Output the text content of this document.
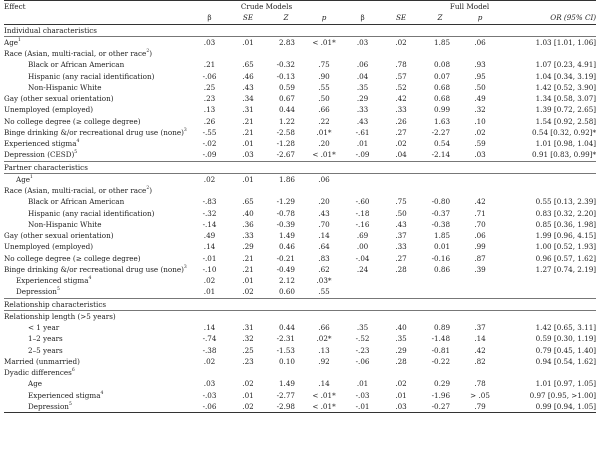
Effect	Crude Models				Full Model				
	β	SE	Z	p	β	SE	Z	p	OR (95% CI)
Individual characteristics									
Age$^1$	.03	.01	2.83	< .01*	.03	.02	1.85	.06	1.03 [1.01, 1.06]
Race (Asian, multi-racial, or other race$^2$)									
Black or African American	.21	.65	-0.32	.75	.06	.78	0.08	.93	1.07 [0.23, 4.91]
Hispanic (any racial identification)	-.06	.46	-0.13	.90	.04	.57	0.07	.95	1.04 [0.34, 3.19]
Non-Hispanic White	.25	.43	0.59	.55	.35	.52	0.68	.50	1.42 [0.52, 3.90]
Gay (other sexual orientation)	.23	.34	0.67	.50	.29	.42	0.68	.49	1.34 [0.58, 3.07]
Unemployed (employed)	.13	.31	0.44	.66	.33	.33	0.99	.32	1.39 [0.72, 2.65]
No college degree (≥ college degree)	.26	.21	1.22	.22	.43	.26	1.63	.10	1.54 [0.92, 2.58]
Binge drinking &/or recreational drug use (none)$^3$	-.55	.21	-2.58	.01*	-.61	.27	-2.27	.02	0.54 [0.32, 0.92]*
Experienced stigma$^4$	-.02	.01	-1.28	.20	.01	.02	0.54	.59	1.01 [0.98, 1.04]
Depression (CESD)$^5$	-.09	.03	-2.67	< .01*	-.09	.04	-2.14	.03	0.91 [0.83, 0.99]*
Partner characteristics									
Age$^1$	.02	.01	1.86	.06					
Race (Asian, multi-racial, or other race$^2$)									
Black or African American	-.83	.65	-1.29	.20	-.60	.75	-0.80	.42	0.55 [0.13, 2.39]
Hispanic (any racial identification)	-.32	.40	-0.78	.43	-.18	.50	-0.37	.71	0.83 [0.32, 2.20]
Non-Hispanic White	-.14	.36	-0.39	.70	-.16	.43	-0.38	.70	0.85 [0.36, 1.98]
Gay (other sexual orientation)	.49	.33	1.49	.14	.69	.37	1.85	.06	1.99 [0.96, 4.15]
Unemployed (employed)	.14	.29	0.46	.64	.00	.33	0.01	.99	1.00 [0.52, 1.93]
No college degree (≥ college degree)	-.01	.21	-0.21	.83	-.04	.27	-0.16	.87	0.96 [0.57, 1.62]
Binge drinking &/or recreational drug use (none)$^3$	-.10	.21	-0.49	.62	.24	.28	0.86	.39	1.27 [0.74, 2.19]
Experienced stigma$^4$	.02	.01	2.12	.03*					
Depression$^5$	.01	.02	0.60	.55					
Relationship characteristics									
Relationship length (>5 years)									
< 1 year	.14	.31	0.44	.66	.35	.40	0.89	.37	1.42 [0.65, 3.11]
1–2 years	-.74	.32	-2.31	.02*	-.52	.35	-1.48	.14	0.59 [0.30, 1.19]
2–5 years	-.38	.25	-1.53	.13	-.23	.29	-0.81	.42	0.79 [0.45, 1.40]
Married (unmarried)	.02	.23	0.10	.92	-.06	.28	-0.22	.82	0.94 [0.54, 1.62]
Dyadic differences$^6$									
Age	.03	.02	1.49	.14	.01	.02	0.29	.78	1.01 [0.97, 1.05]
Experienced stigma$^4$	-.03	.01	-2.77	< .01*	-.03	.01	-1.96	> .05	0.97 [0.95, >1.00]
Depression$^5$	-.06	.02	-2.98	< .01*	-.01	.03	-0.27	.79	0.99 [0.94, 1.05]
